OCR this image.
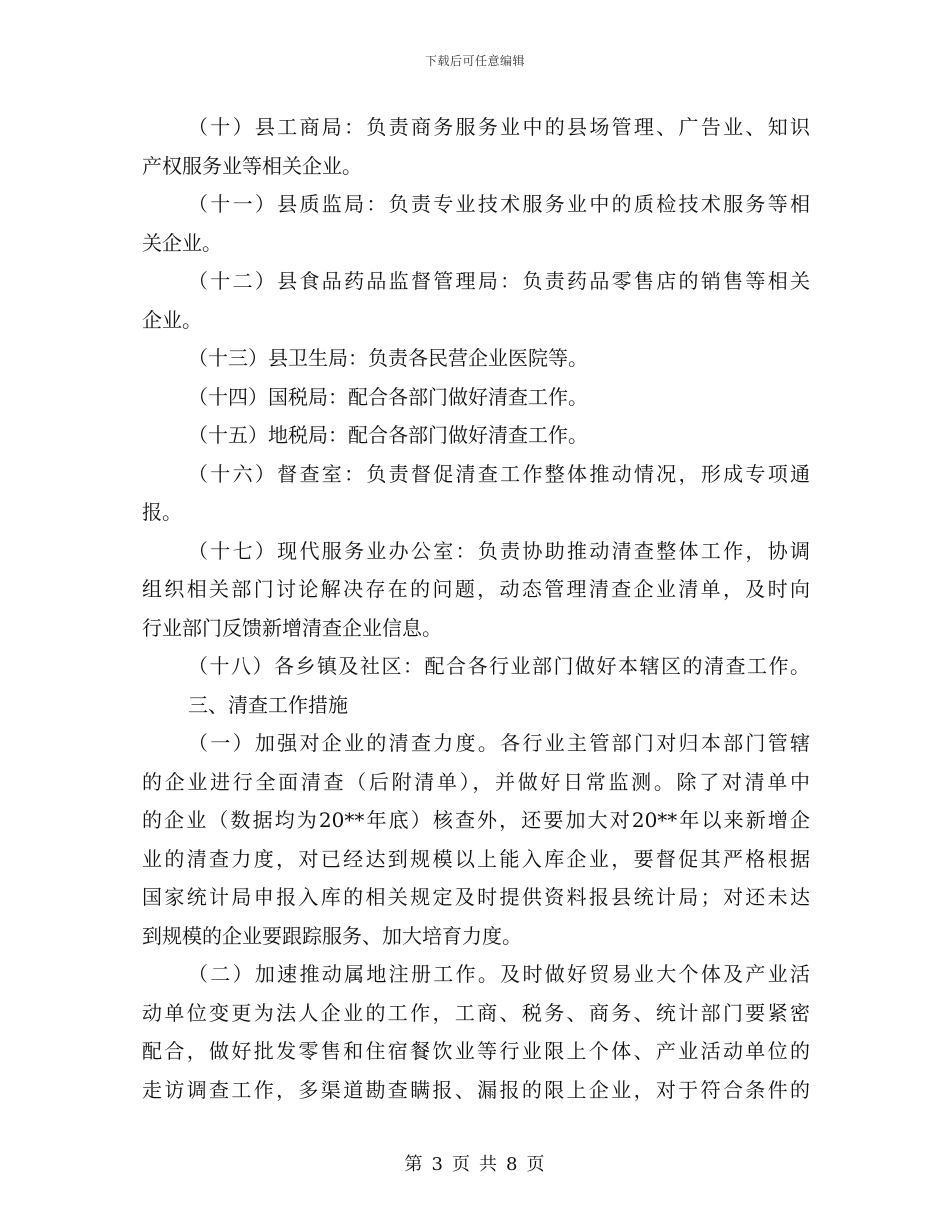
下载后可任意编辑
（十）县工商局：负责商务服务业中的县场管理、广告业、知识
产权服务业等相关企业。
（十一）县质监局：负责专业技术服务业中的质检技术服务等相
关企业。
（十二）县食品药品监督管理局：负责药品零售店的销售等相关
企业。
（十三）县卫生局：负责各民营企业医院等。
（十四）国税局：配合各部门做好清查工作。
（十五）地税局：配合各部门做好清查工作。
（十六）督查室：负责督促清查工作整体推动情况，形成专项通
报。
（十七）现代服务业办公室：负责协助推动清查整体工作，协调
组织相关部门讨论解决存在的问题，动态管理清查企业清单，及时向
行业部门反馈新增清查企业信息。
（十八）各乡镇及社区：配合各行业部门做好本辖区的清查工作。
三、清查工作措施
（一）加强对企业的清查力度。各行业主管部门对归本部门管辖
的企业进行全面清查（后附清单），并做好日常监测。除了对清单中
的企业（数据均为20**年底）核查外，还要加大对20**年以来新增企
业的清查力度，对已经达到规模以上能入库企业，要督促其严格根据
国家统计局申报入库的相关规定及时提供资料报县统计局；对还未达
到规模的企业要跟踪服务、加大培育力度。
（二）加速推动属地注册工作。及时做好贸易业大个体及产业活
动单位变更为法人企业的工作，工商、税务、商务、统计部门要紧密
配合，做好批发零售和住宿餐饮业等行业限上个体、产业活动单位的
走访调查工作，多渠道勘查瞒报、漏报的限上企业，对于符合条件的
第 3 页 共 8 页
